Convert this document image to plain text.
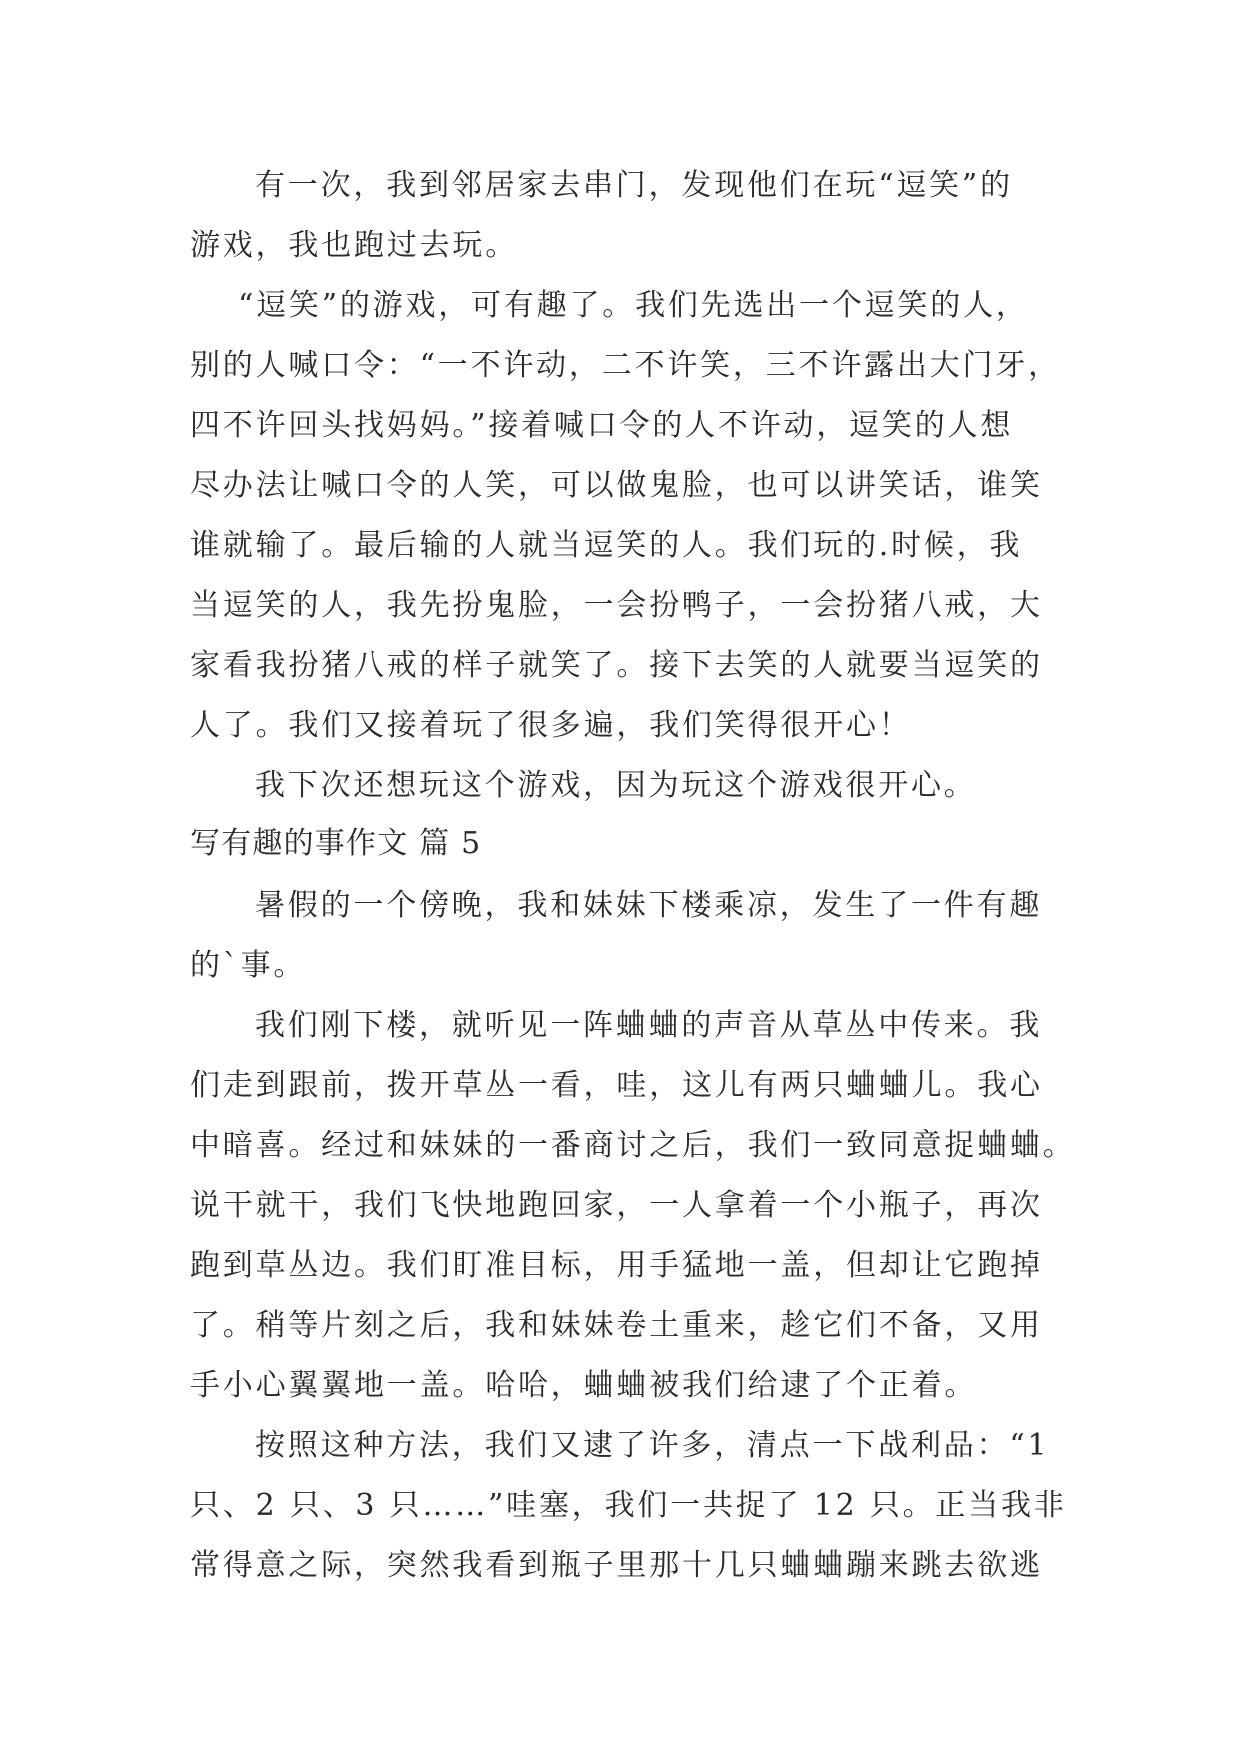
有一次，我到邻居家去串门，发现他们在玩“逗笑”的
游戏，我也跑过去玩。
“逗笑”的游戏，可有趣了。我们先选出一个逗笑的人，
别的人喊口令：“一不许动，二不许笑，三不许露出大门牙，
四不许回头找妈妈。”接着喊口令的人不许动，逗笑的人想
尽办法让喊口令的人笑，可以做鬼脸，也可以讲笑话，谁笑
谁就输了。最后输的人就当逗笑的人。我们玩的.时候，我
当逗笑的人，我先扮鬼脸，一会扮鸭子，一会扮猪八戒，大
家看我扮猪八戒的样子就笑了。接下去笑的人就要当逗笑的
人了。我们又接着玩了很多遍，我们笑得很开心！
我下次还想玩这个游戏，因为玩这个游戏很开心。
写有趣的事作文 篇 5
暑假的一个傍晚，我和妹妹下楼乘凉，发生了一件有趣
的`事。
我们刚下楼，就听见一阵蛐蛐的声音从草丛中传来。我
们走到跟前，拨开草丛一看，哇，这儿有两只蛐蛐儿。我心
中暗喜。经过和妹妹的一番商讨之后，我们一致同意捉蛐蛐。
说干就干，我们飞快地跑回家，一人拿着一个小瓶子，再次
跑到草丛边。我们盯准目标，用手猛地一盖，但却让它跑掉
了。稍等片刻之后，我和妹妹卷土重来，趁它们不备，又用
手小心翼翼地一盖。哈哈，蛐蛐被我们给逮了个正着。
按照这种方法，我们又逮了许多，清点一下战利品：“1
只、2 只、3 只……”哇塞，我们一共捉了 12 只。正当我非
常得意之际，突然我看到瓶子里那十几只蛐蛐蹦来跳去欲逃
